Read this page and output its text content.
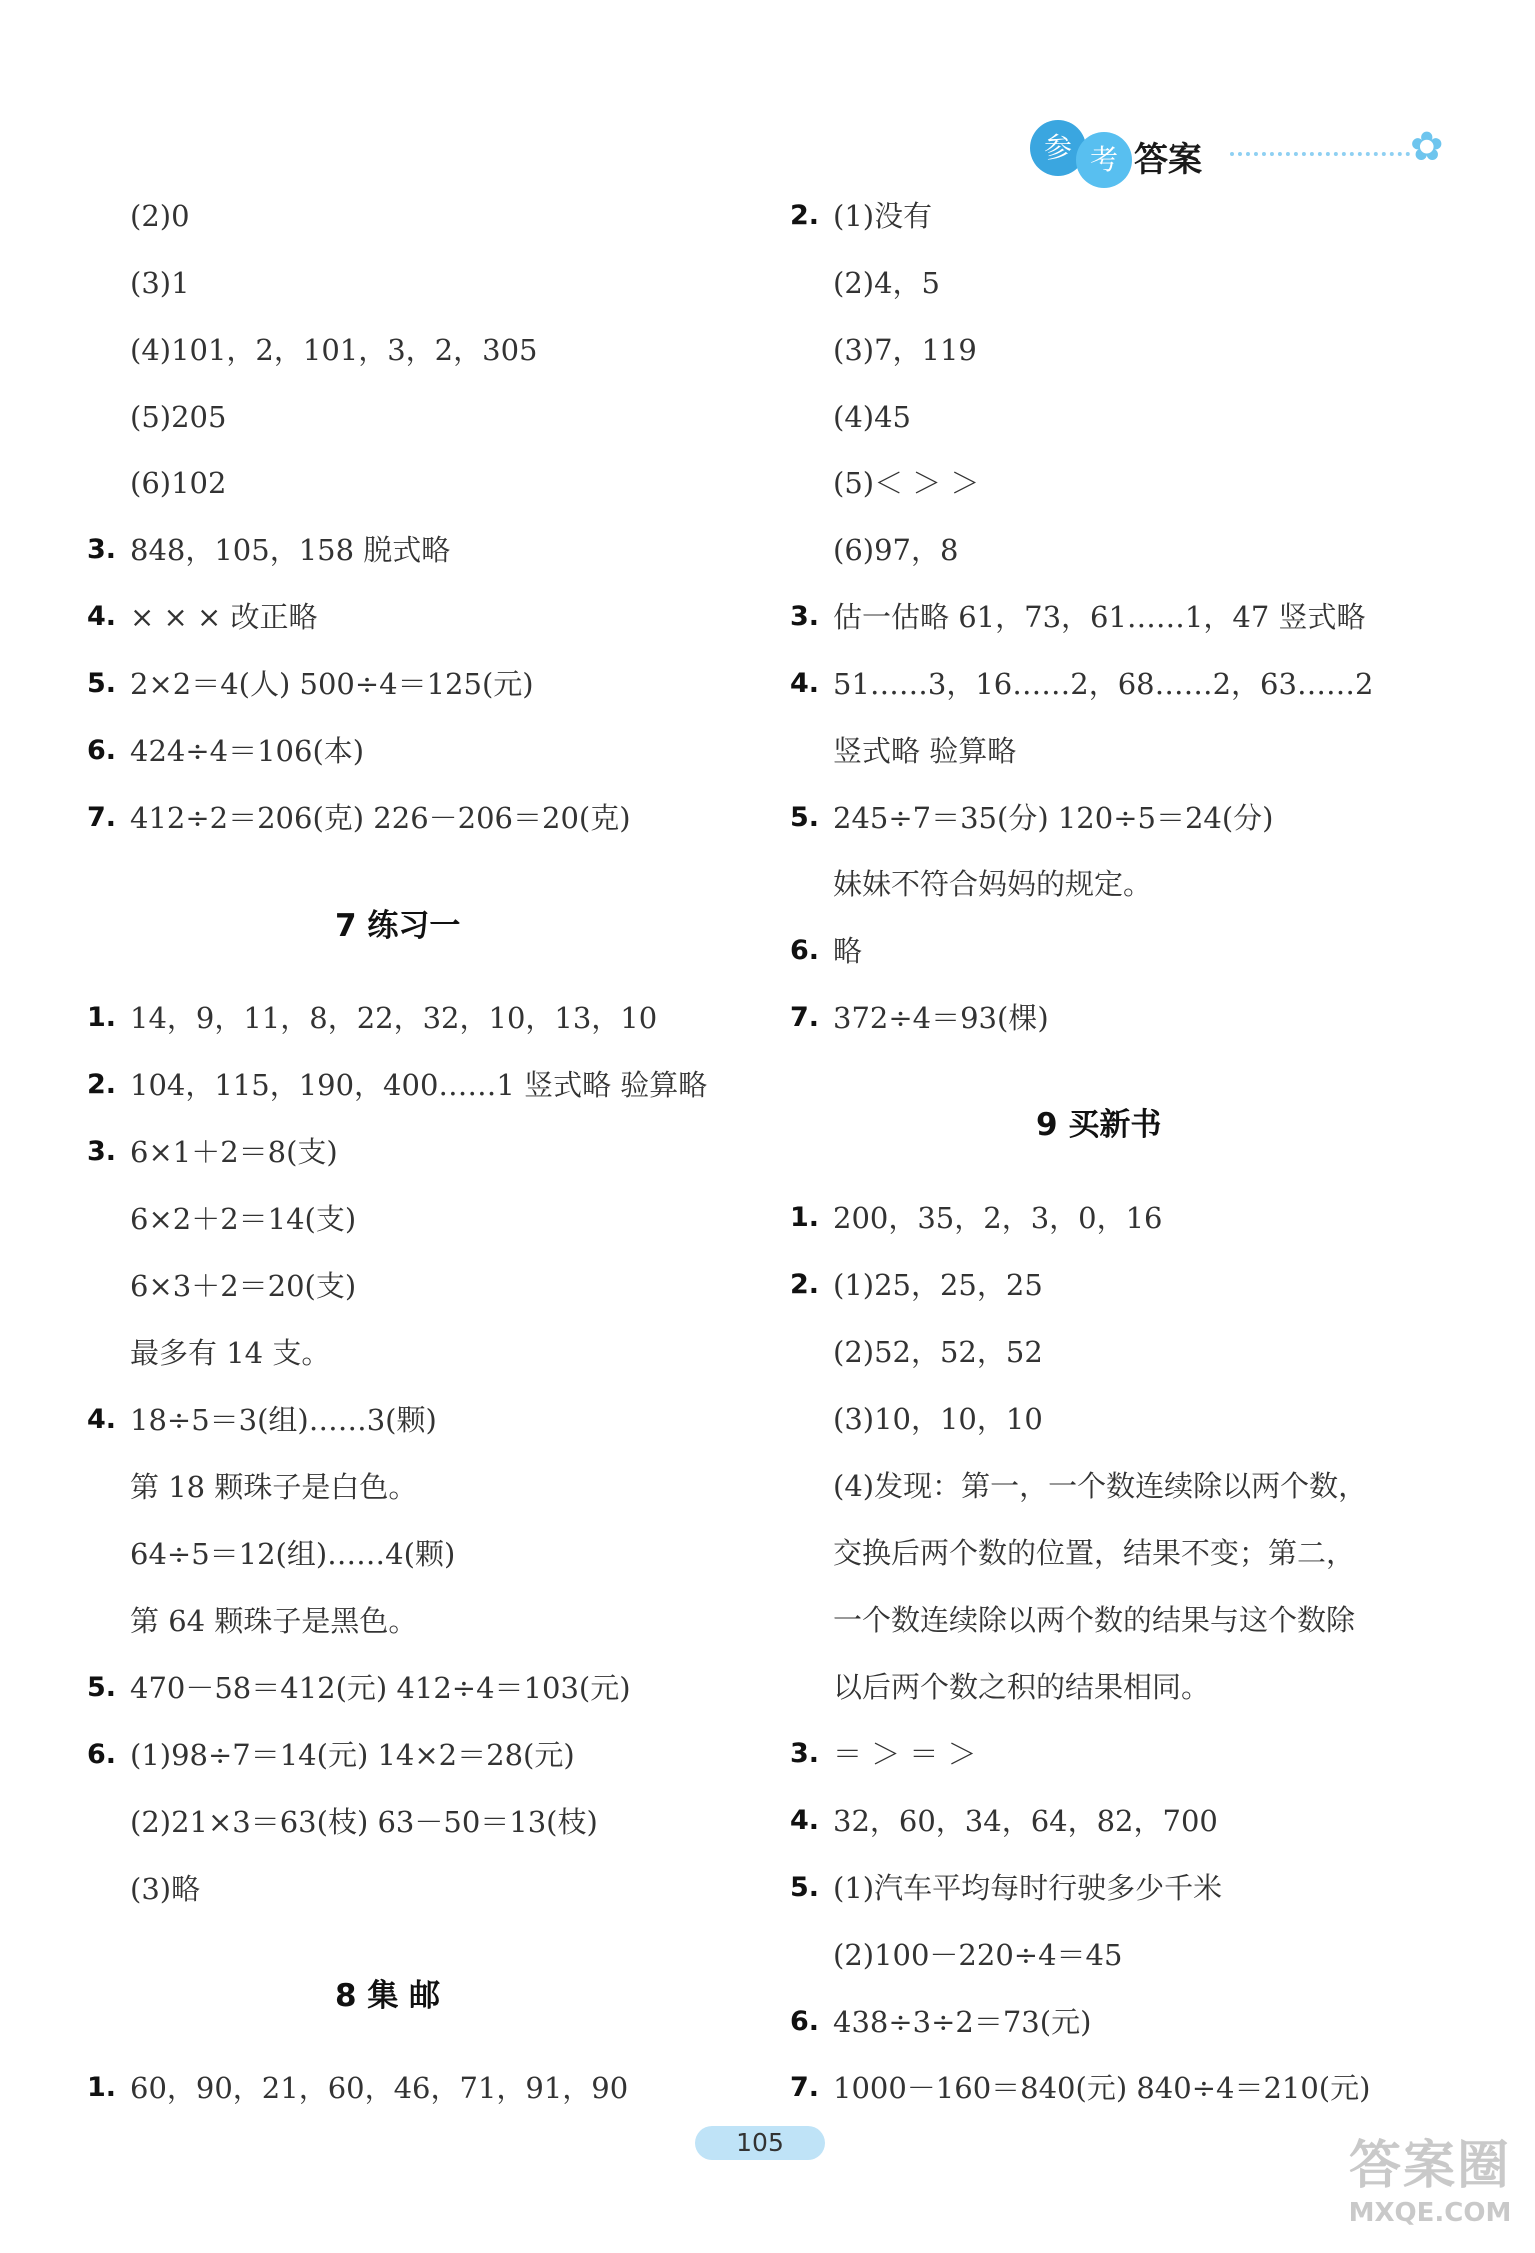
参 考 答案	✿
(2)0
(3)1
(4)101，2，101，3，2，305
(5)205
(6)102
3. 848，105，158 脱式略
4. × × × 改正略
5. 2×2＝4(人) 500÷4＝125(元)
6. 424÷4＝106(本)
7. 412÷2＝206(克) 226－206＝20(克)
7 练习一
1. 14，9，11，8，22，32，10，13，10
2. 104，115，190，400……1 竖式略 验算略
3. 6×1＋2＝8(支)
6×2＋2＝14(支)
6×3＋2＝20(支)
最多有 14 支。
4. 18÷5＝3(组)……3(颗)
第 18 颗珠子是白色。
64÷5＝12(组)……4(颗)
第 64 颗珠子是黑色。
5. 470－58＝412(元) 412÷4＝103(元)
6. (1)98÷7＝14(元) 14×2＝28(元)
(2)21×3＝63(枝) 63－50＝13(枝)
(3)略
8 集 邮
1. 60，90，21，60，46，71，91，90
2. (1)没有
(2)4，5
(3)7，119
(4)45
(5)＜ ＞ ＞
(6)97，8
3. 估一估略 61，73，61……1，47 竖式略
4. 51……3，16……2，68……2，63……2
竖式略 验算略
5. 245÷7＝35(分) 120÷5＝24(分)
妹妹不符合妈妈的规定。
6. 略
7. 372÷4＝93(棵)
9 买新书
1. 200，35，2，3，0，16
2. (1)25，25，25
(2)52，52，52
(3)10，10，10
(4)发现：第一，一个数连续除以两个数，
交换后两个数的位置，结果不变；第二，
一个数连续除以两个数的结果与这个数除
以后两个数之积的结果相同。
3. ＝ ＞ ＝ ＞
4. 32，60，34，64，82，700
5. (1)汽车平均每时行驶多少千米
(2)100－220÷4＝45
6. 438÷3÷2＝73(元)
7. 1000－160＝840(元) 840÷4＝210(元)
105	答案圈
MXQE.COM
